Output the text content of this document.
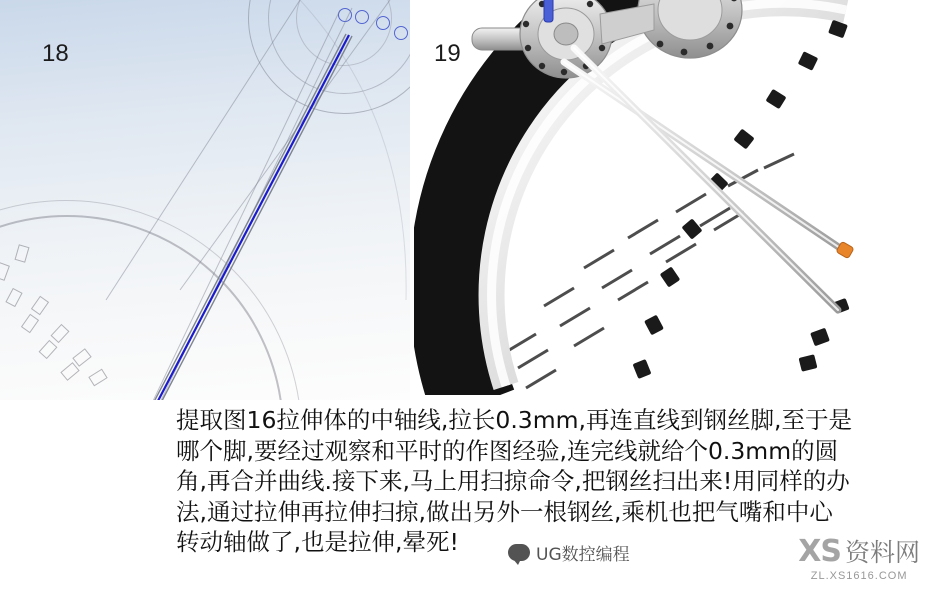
18	19

提取图16拉伸体的中轴线,拉长0.3mm,再连直线到钢丝脚,至于是

哪个脚,要经过观察和平时的作图经验,连完线就给个0.3mm的圆

角,再合并曲线.接下来,马上用扫掠命令,把钢丝扫出来!用同样的办

法,通过拉伸再拉伸扫掠,做出另外一根钢丝,乘机也把气嘴和中心

转动轴做了,也是拉伸,晕死!	UG数控编程	XS 资料网
ZL.XS1616.COM
